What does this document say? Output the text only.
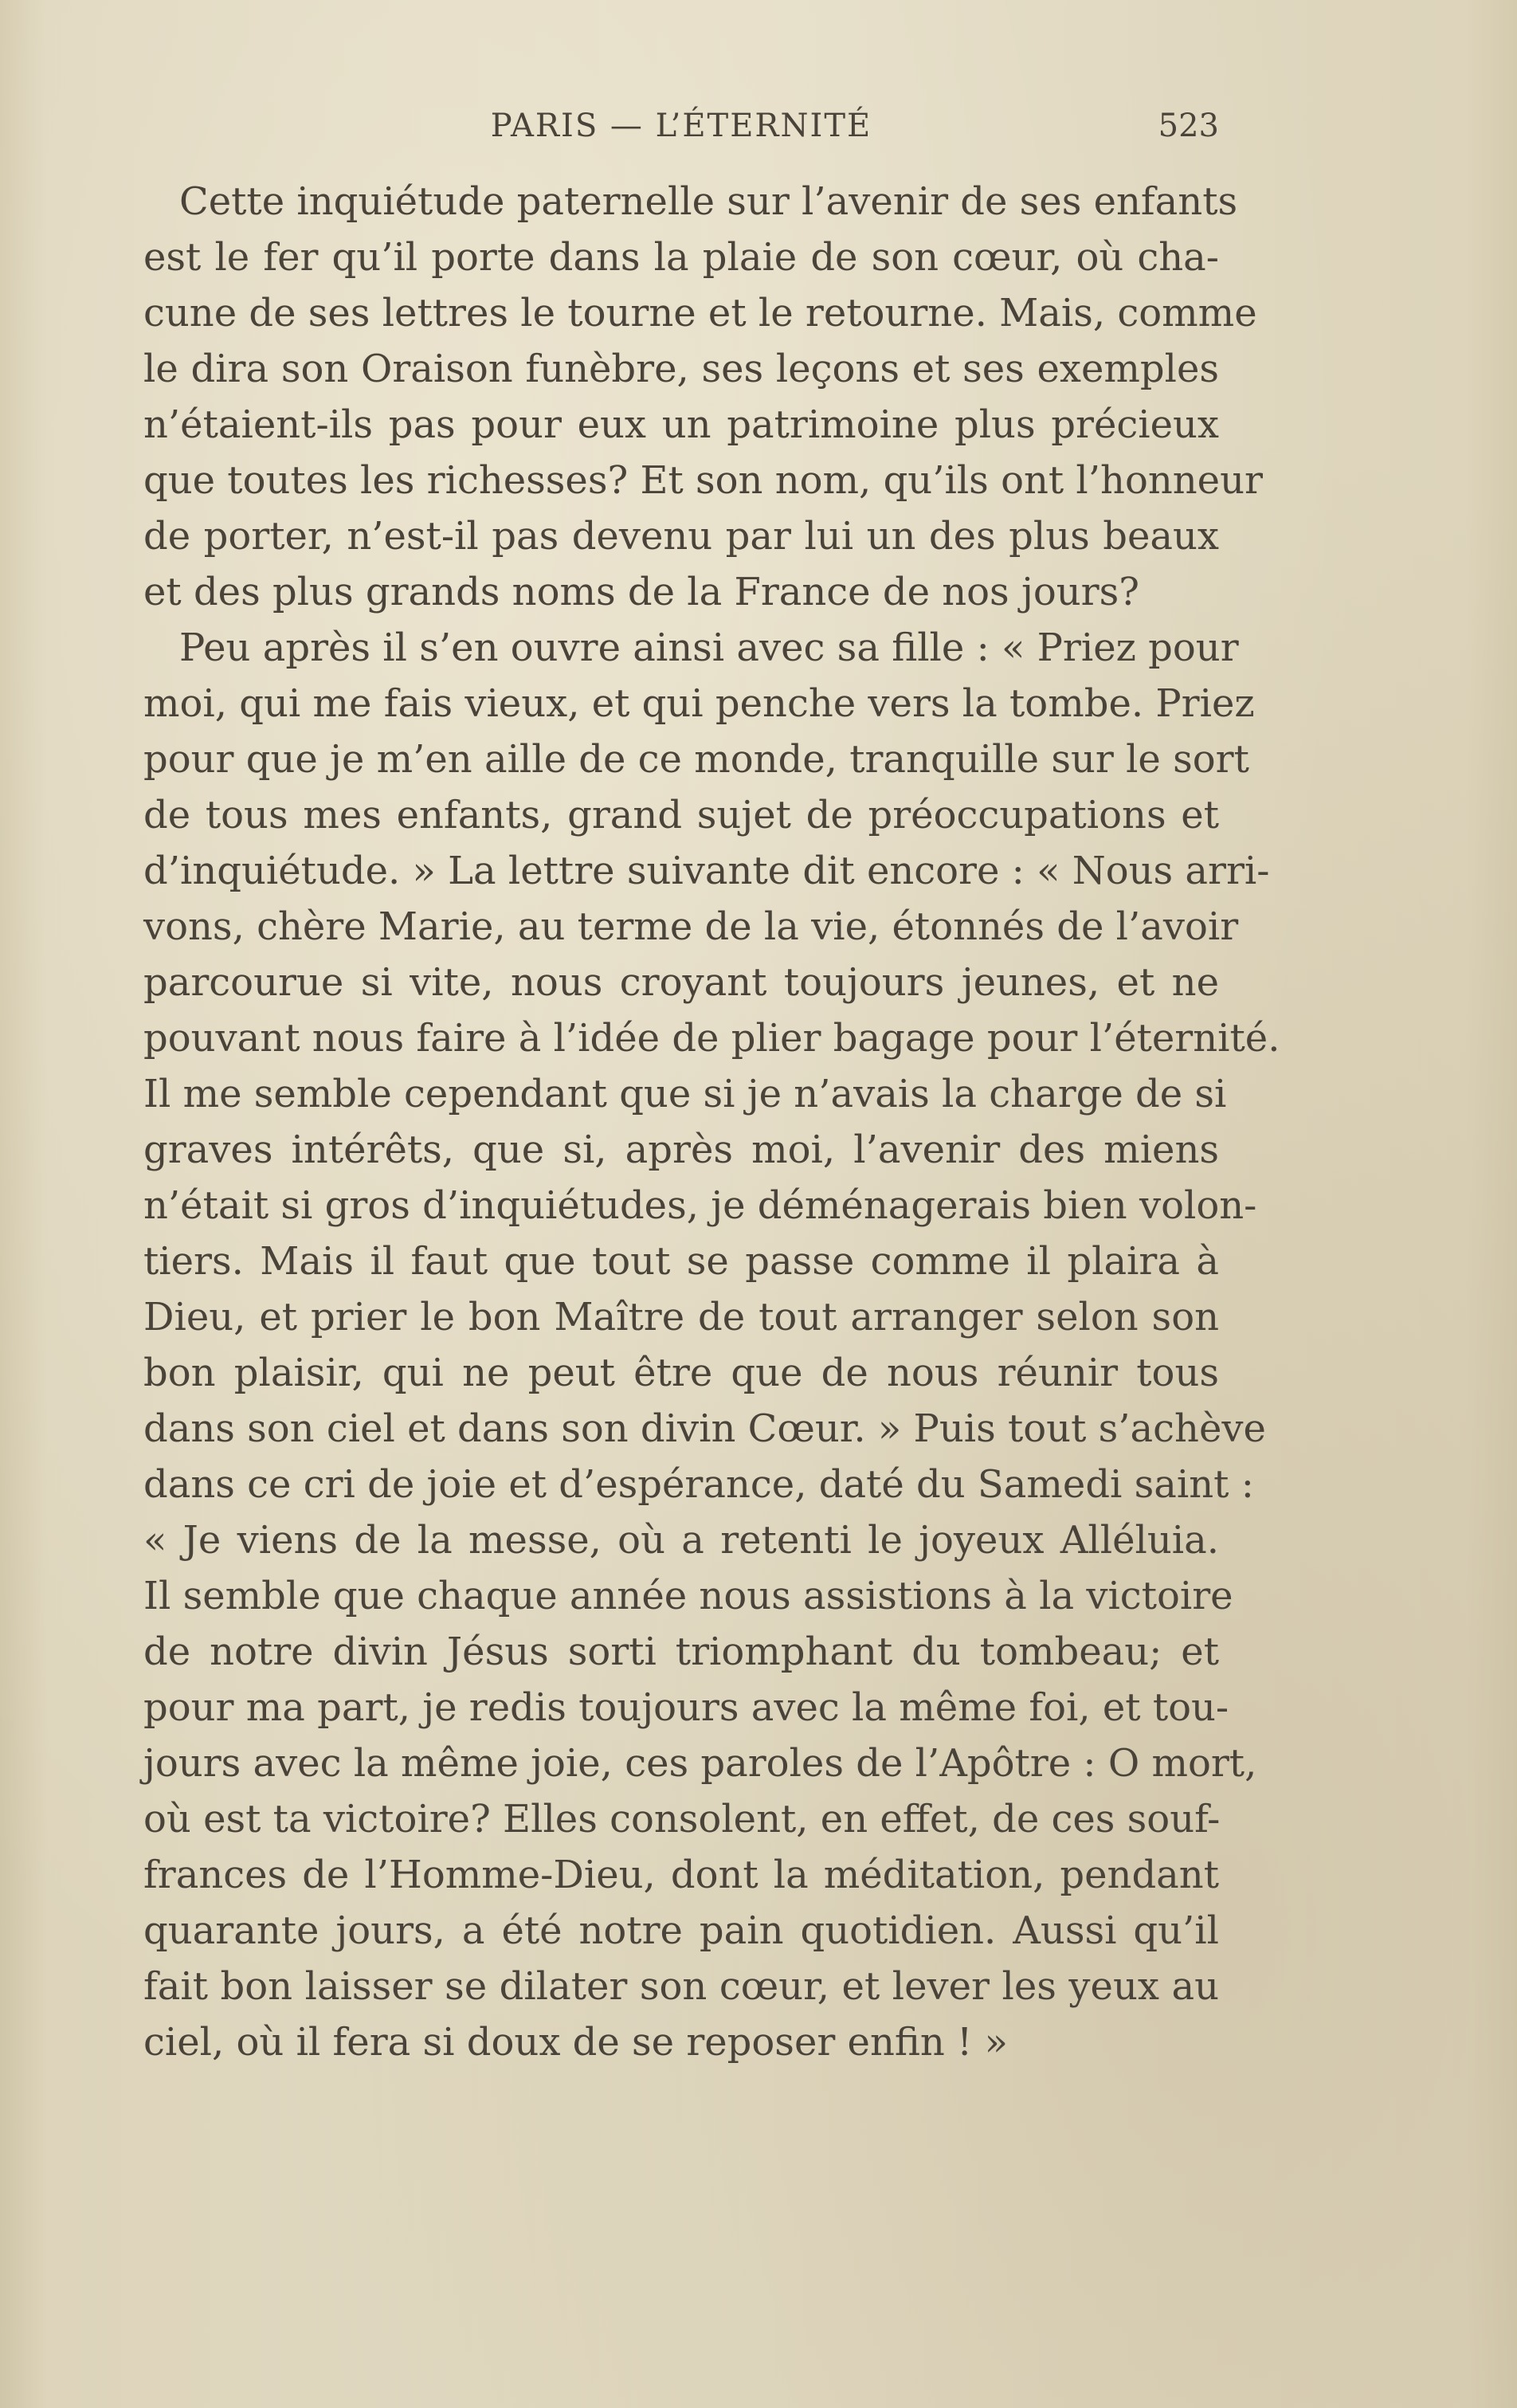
PARIS — L’ÉTERNITÉ	523
Cette inquiétude paternelle sur l’avenir de ses enfants
est le fer qu’il porte dans la plaie de son cœur, où cha-
cune de ses lettres le tourne et le retourne. Mais, comme
le dira son Oraison funèbre, ses leçons et ses exemples
n’étaient-ils pas pour eux un patrimoine plus précieux
que toutes les richesses? Et son nom, qu’ils ont l’honneur
de porter, n’est-il pas devenu par lui un des plus beaux
et des plus grands noms de la France de nos jours?
Peu après il s’en ouvre ainsi avec sa fille : « Priez pour
moi, qui me fais vieux, et qui penche vers la tombe. Priez
pour que je m’en aille de ce monde, tranquille sur le sort
de tous mes enfants, grand sujet de préoccupations et
d’inquiétude. » La lettre suivante dit encore : « Nous arri-
vons, chère Marie, au terme de la vie, étonnés de l’avoir
parcourue si vite, nous croyant toujours jeunes, et ne
pouvant nous faire à l’idée de plier bagage pour l’éternité.
Il me semble cependant que si je n’avais la charge de si
graves intérêts, que si, après moi, l’avenir des miens
n’était si gros d’inquiétudes, je déménagerais bien volon-
tiers. Mais il faut que tout se passe comme il plaira à
Dieu, et prier le bon Maître de tout arranger selon son
bon plaisir, qui ne peut être que de nous réunir tous
dans son ciel et dans son divin Cœur. » Puis tout s’achève
dans ce cri de joie et d’espérance, daté du Samedi saint :
« Je viens de la messe, où a retenti le joyeux Alléluia.
Il semble que chaque année nous assistions à la victoire
de notre divin Jésus sorti triomphant du tombeau; et
pour ma part, je redis toujours avec la même foi, et tou-
jours avec la même joie, ces paroles de l’Apôtre : O mort,
où est ta victoire? Elles consolent, en effet, de ces souf-
frances de l’Homme-Dieu, dont la méditation, pendant
quarante jours, a été notre pain quotidien. Aussi qu’il
fait bon laisser se dilater son cœur, et lever les yeux au
ciel, où il fera si doux de se reposer enfin ! »
